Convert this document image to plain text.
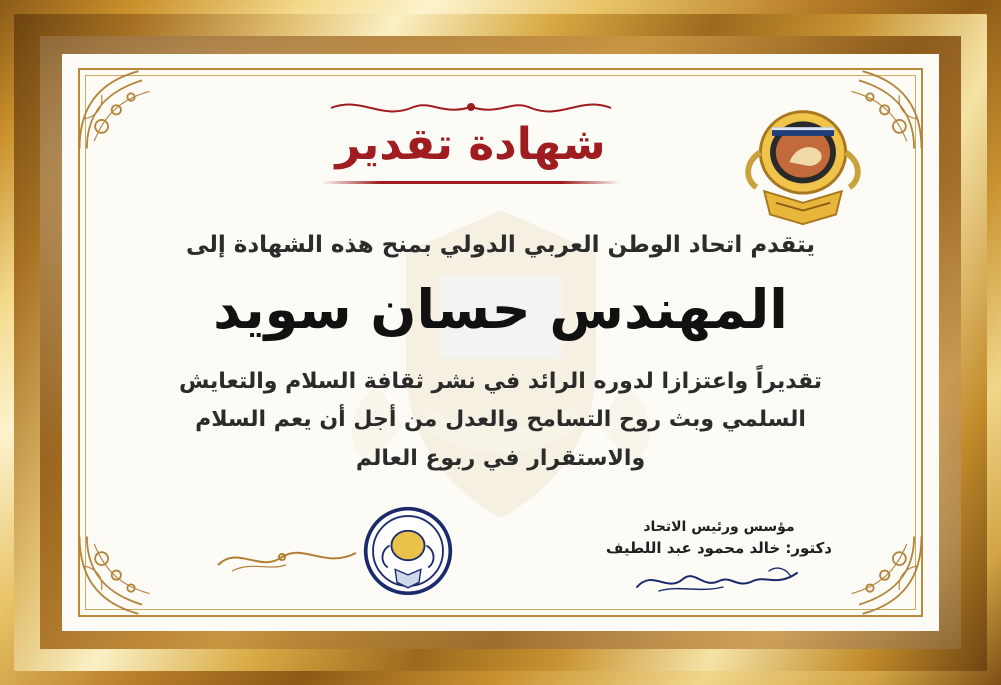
شهادة تقدير
يتقدم اتحاد الوطن العربي الدولي بمنح هذه الشهادة إلى
المهندس حسان سويد
تقديراً واعتزازا لدوره الرائد في نشر ثقافة السلام والتعايش
السلمي وبث روح التسامح والعدل من أجل أن يعم السلام
والاستقرار في ربوع العالم
مؤسس ورئيس الاتحاد
دكتور: خالد محمود عبد اللطيف
